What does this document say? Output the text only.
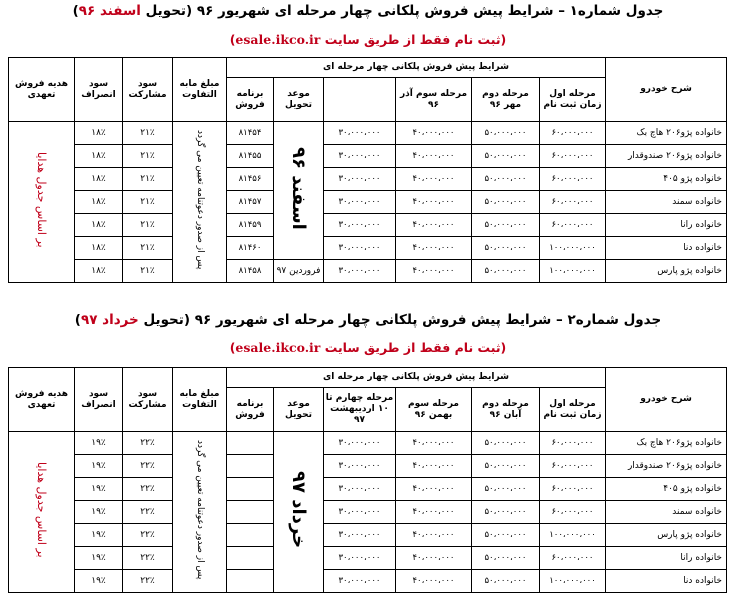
جدول شماره۱ – شرایط پیش فروش پلکانی چهار مرحله ای شهریور ۹۶ (تحویل اسفند ۹۶)
(ثبت نام فقط از طریق سایت esale.ikco.ir)
شرح خودرو	شرایط پیش فروش پلکانی چهار مرحله ای						مبلغ مابه التفاوت	سود مشارکت	سود انصراف	هدیه فروش تعهدی
	مرحله اول زمان ثبت نام	مرحله دوم مهر ۹۶	مرحله سوم آذر ۹۶		موعد تحویل	برنامه فروش				
خانواده پژو۲۰۶ هاچ بک	۶۰،۰۰۰،۰۰۰	۵۰،۰۰۰،۰۰۰	۴۰،۰۰۰،۰۰۰	۳۰،۰۰۰،۰۰۰	اسفند ۹۶	۸۱۴۵۴	پس از صدور دعوتنامه تعیین می گردد	۲۱٪	۱۸٪	بر اساس جدول هدایا
خانواده پژو۲۰۶ صندوقدار	۶۰،۰۰۰،۰۰۰	۵۰،۰۰۰،۰۰۰	۴۰،۰۰۰،۰۰۰	۳۰،۰۰۰،۰۰۰		۸۱۴۵۵		۲۱٪	۱۸٪	
خانواده پژو ۴۰۵	۶۰،۰۰۰،۰۰۰	۵۰،۰۰۰،۰۰۰	۴۰،۰۰۰،۰۰۰	۳۰،۰۰۰،۰۰۰		۸۱۴۵۶		۲۱٪	۱۸٪	
خانواده سمند	۶۰،۰۰۰،۰۰۰	۵۰،۰۰۰،۰۰۰	۴۰،۰۰۰،۰۰۰	۳۰،۰۰۰،۰۰۰		۸۱۴۵۷		۲۱٪	۱۸٪	
خانواده رانا	۶۰،۰۰۰،۰۰۰	۵۰،۰۰۰،۰۰۰	۴۰،۰۰۰،۰۰۰	۳۰،۰۰۰،۰۰۰		۸۱۴۵۹		۲۱٪	۱۸٪	
خانواده دنا	۱۰۰،۰۰۰،۰۰۰	۵۰،۰۰۰،۰۰۰	۴۰،۰۰۰،۰۰۰	۳۰،۰۰۰،۰۰۰		۸۱۴۶۰		۲۱٪	۱۸٪	
خانواده پژو پارس	۱۰۰،۰۰۰،۰۰۰	۵۰،۰۰۰،۰۰۰	۴۰،۰۰۰،۰۰۰	۳۰،۰۰۰،۰۰۰	فروردین ۹۷	۸۱۴۵۸		۲۱٪	۱۸٪	
جدول شماره۲ – شرایط پیش فروش پلکانی چهار مرحله ای شهریور ۹۶ (تحویل خرداد ۹۷)
(ثبت نام فقط از طریق سایت esale.ikco.ir)
شرح خودرو	شرایط پیش فروش پلکانی چهار مرحله ای						مبلغ مابه التفاوت	سود مشارکت	سود انصراف	هدیه فروش تعهدی
	مرحله اول زمان ثبت نام	مرحله دوم آبان ۹۶	مرحله سوم بهمن ۹۶	مرحله چهارم تا ۱۰ اردیبهشت ۹۷	موعد تحویل	برنامه فروش				
خانواده پژو۲۰۶ هاچ بک	۶۰،۰۰۰،۰۰۰	۵۰،۰۰۰،۰۰۰	۴۰،۰۰۰،۰۰۰	۳۰،۰۰۰،۰۰۰	خرداد ۹۷		پس از صدور دعوتنامه تعیین می گردد	۲۲٪	۱۹٪	بر اساس جدول هدایا
خانواده پژو۲۰۶ صندوقدار	۶۰،۰۰۰،۰۰۰	۵۰،۰۰۰،۰۰۰	۴۰،۰۰۰،۰۰۰	۳۰،۰۰۰،۰۰۰				۲۲٪	۱۹٪	
خانواده پژو ۴۰۵	۶۰،۰۰۰،۰۰۰	۵۰،۰۰۰،۰۰۰	۴۰،۰۰۰،۰۰۰	۳۰،۰۰۰،۰۰۰				۲۲٪	۱۹٪	
خانواده سمند	۶۰،۰۰۰،۰۰۰	۵۰،۰۰۰،۰۰۰	۴۰،۰۰۰،۰۰۰	۳۰،۰۰۰،۰۰۰				۲۲٪	۱۹٪	
خانواده پژو پارس	۱۰۰،۰۰۰،۰۰۰	۵۰،۰۰۰،۰۰۰	۴۰،۰۰۰،۰۰۰	۳۰،۰۰۰،۰۰۰				۲۲٪	۱۹٪	
خانواده رانا	۶۰،۰۰۰،۰۰۰	۵۰،۰۰۰،۰۰۰	۴۰،۰۰۰،۰۰۰	۳۰،۰۰۰،۰۰۰				۲۲٪	۱۹٪	
خانواده دنا	۱۰۰،۰۰۰،۰۰۰	۵۰،۰۰۰،۰۰۰	۴۰،۰۰۰،۰۰۰	۳۰،۰۰۰،۰۰۰				۲۲٪	۱۹٪	
